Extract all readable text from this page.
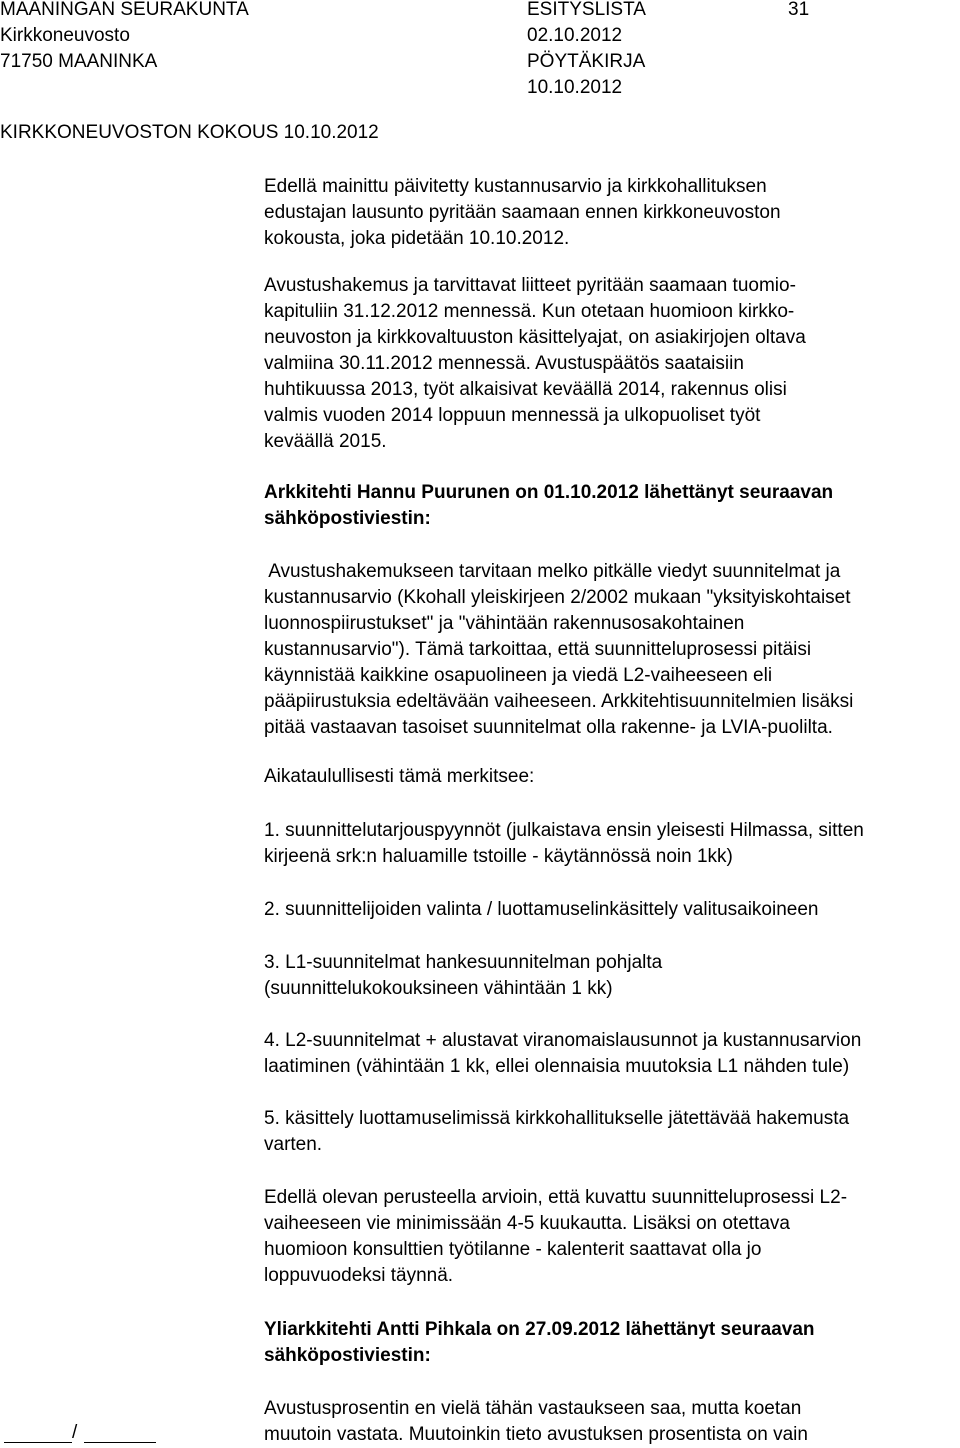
MAANINGAN SEURAKUNTA
Kirkkoneuvosto
71750 MAANINKA
ESITYSLISTA
02.10.2012
PÖYTÄKIRJA
10.10.2012
31
KIRKKONEUVOSTON KOKOUS 10.10.2012

Edellä mainittu päivitetty kustannusarvio ja kirkkohallituksen
edustajan lausunto pyritään saamaan ennen kirkkoneuvoston
kokousta, joka pidetään 10.10.2012.

Avustushakemus ja tarvittavat liitteet pyritään saamaan tuomio-
kapituliin 31.12.2012 mennessä. Kun otetaan huomioon kirkko-
neuvoston ja kirkkovaltuuston käsittelyajat, on asiakirjojen oltava
valmiina 30.11.2012 mennessä. Avustuspäätös saataisiin
huhtikuussa 2013, työt alkaisivat keväällä 2014, rakennus olisi
valmis vuoden 2014 loppuun mennessä ja ulkopuoliset työt
keväällä 2015.

Arkkitehti Hannu Puurunen on 01.10.2012 lähettänyt seuraavan
sähköpostiviestin:

Avustushakemukseen tarvitaan melko pitkälle viedyt suunnitelmat ja
kustannusarvio (Kkohall yleiskirjeen 2/2002 mukaan "yksityiskohtaiset
luonnospiirustukset" ja "vähintään rakennusosakohtainen
kustannusarvio"). Tämä tarkoittaa, että suunnitteluprosessi pitäisi
käynnistää kaikkine osapuolineen ja viedä L2-vaiheeseen eli
pääpiirustuksia edeltävään vaiheeseen. Arkkitehtisuunnitelmien lisäksi
pitää vastaavan tasoiset suunnitelmat olla rakenne- ja LVIA-puolilta.

Aikataulullisesti tämä merkitsee:

1. suunnittelutarjouspyynnöt (julkaistava ensin yleisesti Hilmassa, sitten
kirjeenä srk:n haluamille tstoille - käytännössä noin 1kk)

2. suunnittelijoiden valinta / luottamuselinkäsittely valitusaikoineen

3. L1-suunnitelmat hankesuunnitelman pohjalta
(suunnittelukokouksineen vähintään 1 kk)

4. L2-suunnitelmat + alustavat viranomaislausunnot ja kustannusarvion
laatiminen (vähintään 1 kk, ellei olennaisia muutoksia L1 nähden tule)

5. käsittely luottamuselimissä kirkkohallitukselle jätettävää hakemusta
varten.

Edellä olevan perusteella arvioin, että kuvattu suunnitteluprosessi L2-
vaiheeseen vie minimissään 4-5 kuukautta. Lisäksi on otettava
huomioon konsulttien työtilanne - kalenterit saattavat olla jo
loppuvuodeksi täynnä.

Yliarkkitehti Antti Pihkala on 27.09.2012 lähettänyt seuraavan
sähköpostiviestin:

Avustusprosentin en vielä tähän vastaukseen saa, mutta koetan
muutoin vastata. Muutoinkin tieto avustuksen prosentista on vain

/
